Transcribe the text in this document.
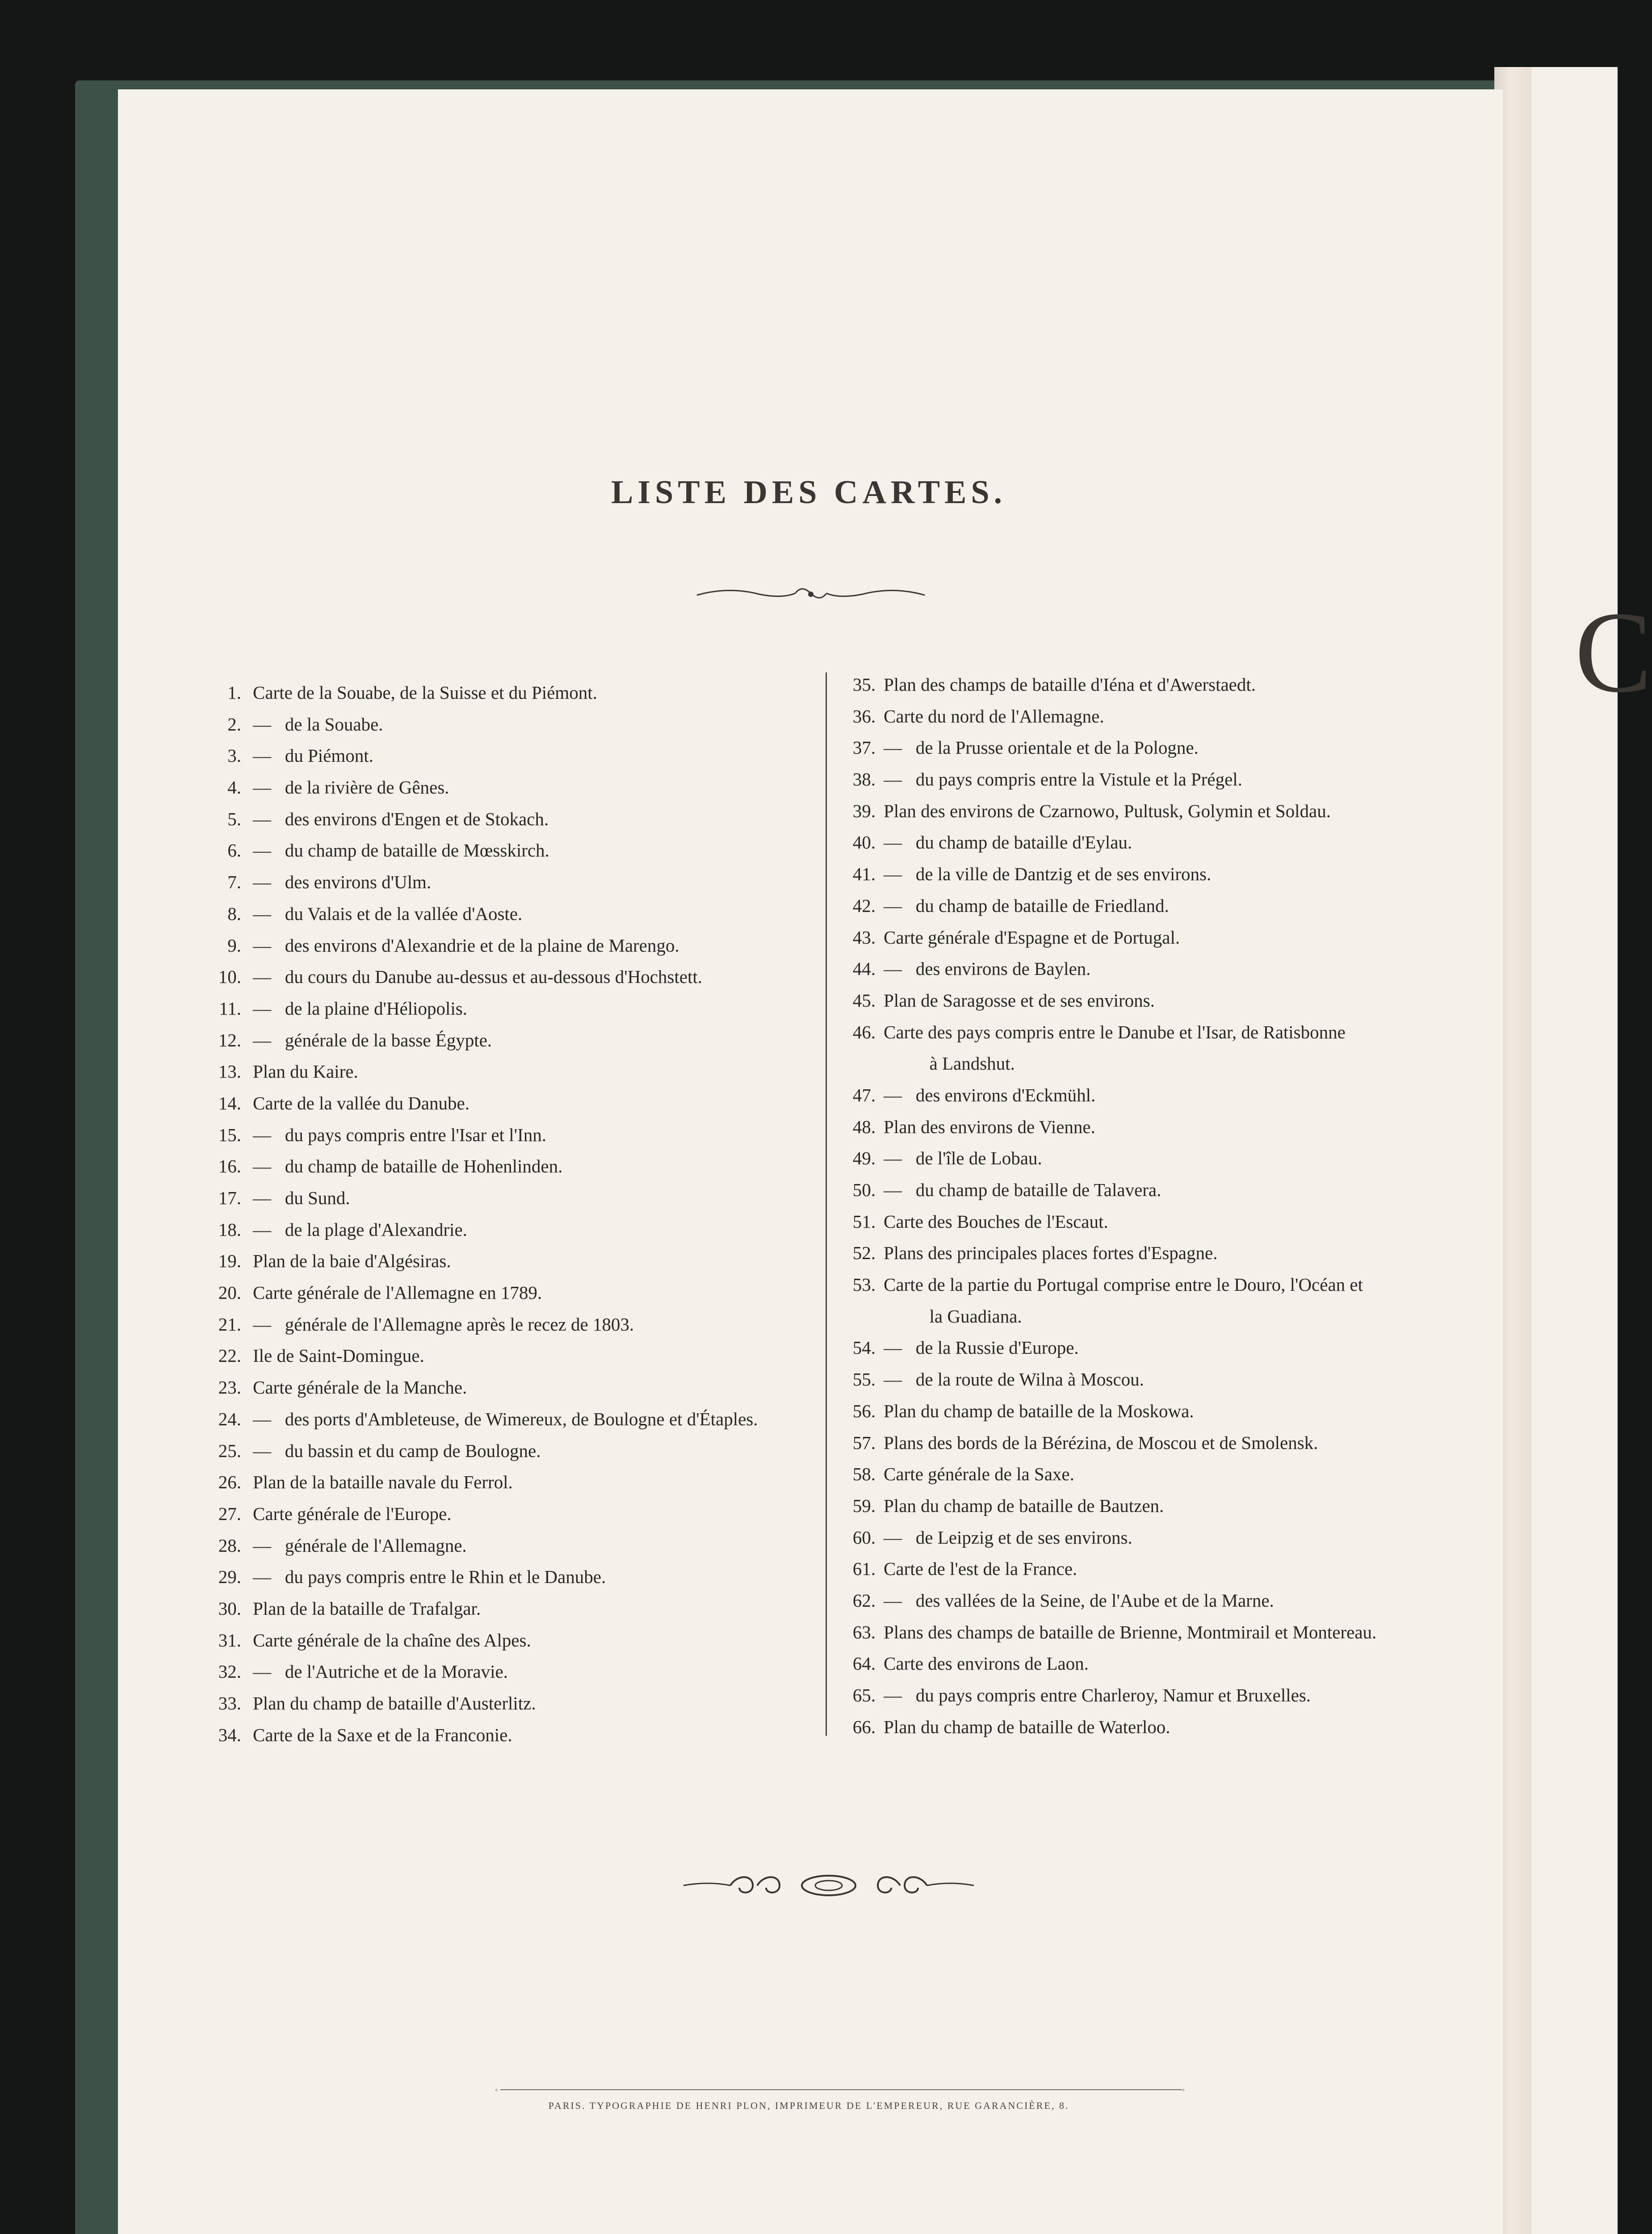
C
LISTE DES CARTES.
1. Carte de la Souabe, de la Suisse et du Piémont.
2. —   de la Souabe.
3. —   du Piémont.
4. —   de la rivière de Gênes.
5. —   des environs d'Engen et de Stokach.
6. —   du champ de bataille de Mœsskirch.
7. —   des environs d'Ulm.
8. —   du Valais et de la vallée d'Aoste.
9. —   des environs d'Alexandrie et de la plaine de Marengo.
10. —   du cours du Danube au-dessus et au-dessous d'Hochstett.
11. —   de la plaine d'Héliopolis.
12. —   générale de la basse Égypte.
13. Plan du Kaire.
14. Carte de la vallée du Danube.
15. —   du pays compris entre l'Isar et l'Inn.
16. —   du champ de bataille de Hohenlinden.
17. —   du Sund.
18. —   de la plage d'Alexandrie.
19. Plan de la baie d'Algésiras.
20. Carte générale de l'Allemagne en 1789.
21. —   générale de l'Allemagne après le recez de 1803.
22. Ile de Saint-Domingue.
23. Carte générale de la Manche.
24. —   des ports d'Ambleteuse, de Wimereux, de Boulogne et d'Étaples.
25. —   du bassin et du camp de Boulogne.
26. Plan de la bataille navale du Ferrol.
27. Carte générale de l'Europe.
28. —   générale de l'Allemagne.
29. —   du pays compris entre le Rhin et le Danube.
30. Plan de la bataille de Trafalgar.
31. Carte générale de la chaîne des Alpes.
32. —   de l'Autriche et de la Moravie.
33. Plan du champ de bataille d'Austerlitz.
34. Carte de la Saxe et de la Franconie.
35. Plan des champs de bataille d'Iéna et d'Awerstaedt.
36. Carte du nord de l'Allemagne.
37. —   de la Prusse orientale et de la Pologne.
38. —   du pays compris entre la Vistule et la Prégel.
39. Plan des environs de Czarnowo, Pultusk, Golymin et Soldau.
40. —   du champ de bataille d'Eylau.
41. —   de la ville de Dantzig et de ses environs.
42. —   du champ de bataille de Friedland.
43. Carte générale d'Espagne et de Portugal.
44. —   des environs de Baylen.
45. Plan de Saragosse et de ses environs.
46. Carte des pays compris entre le Danube et l'Isar, de Ratisbonne
à Landshut.
47. —   des environs d'Eckmühl.
48. Plan des environs de Vienne.
49. —   de l'île de Lobau.
50. —   du champ de bataille de Talavera.
51. Carte des Bouches de l'Escaut.
52. Plans des principales places fortes d'Espagne.
53. Carte de la partie du Portugal comprise entre le Douro, l'Océan et
la Guadiana.
54. —   de la Russie d'Europe.
55. —   de la route de Wilna à Moscou.
56. Plan du champ de bataille de la Moskowa.
57. Plans des bords de la Bérézina, de Moscou et de Smolensk.
58. Carte générale de la Saxe.
59. Plan du champ de bataille de Bautzen.
60. —   de Leipzig et de ses environs.
61. Carte de l'est de la France.
62. —   des vallées de la Seine, de l'Aube et de la Marne.
63. Plans des champs de bataille de Brienne, Montmirail et Montereau.
64. Carte des environs de Laon.
65. —   du pays compris entre Charleroy, Namur et Bruxelles.
66. Plan du champ de bataille de Waterloo.
◦	◦
PARIS. TYPOGRAPHIE DE HENRI PLON, IMPRIMEUR DE L'EMPEREUR, RUE GARANCIÈRE, 8.
